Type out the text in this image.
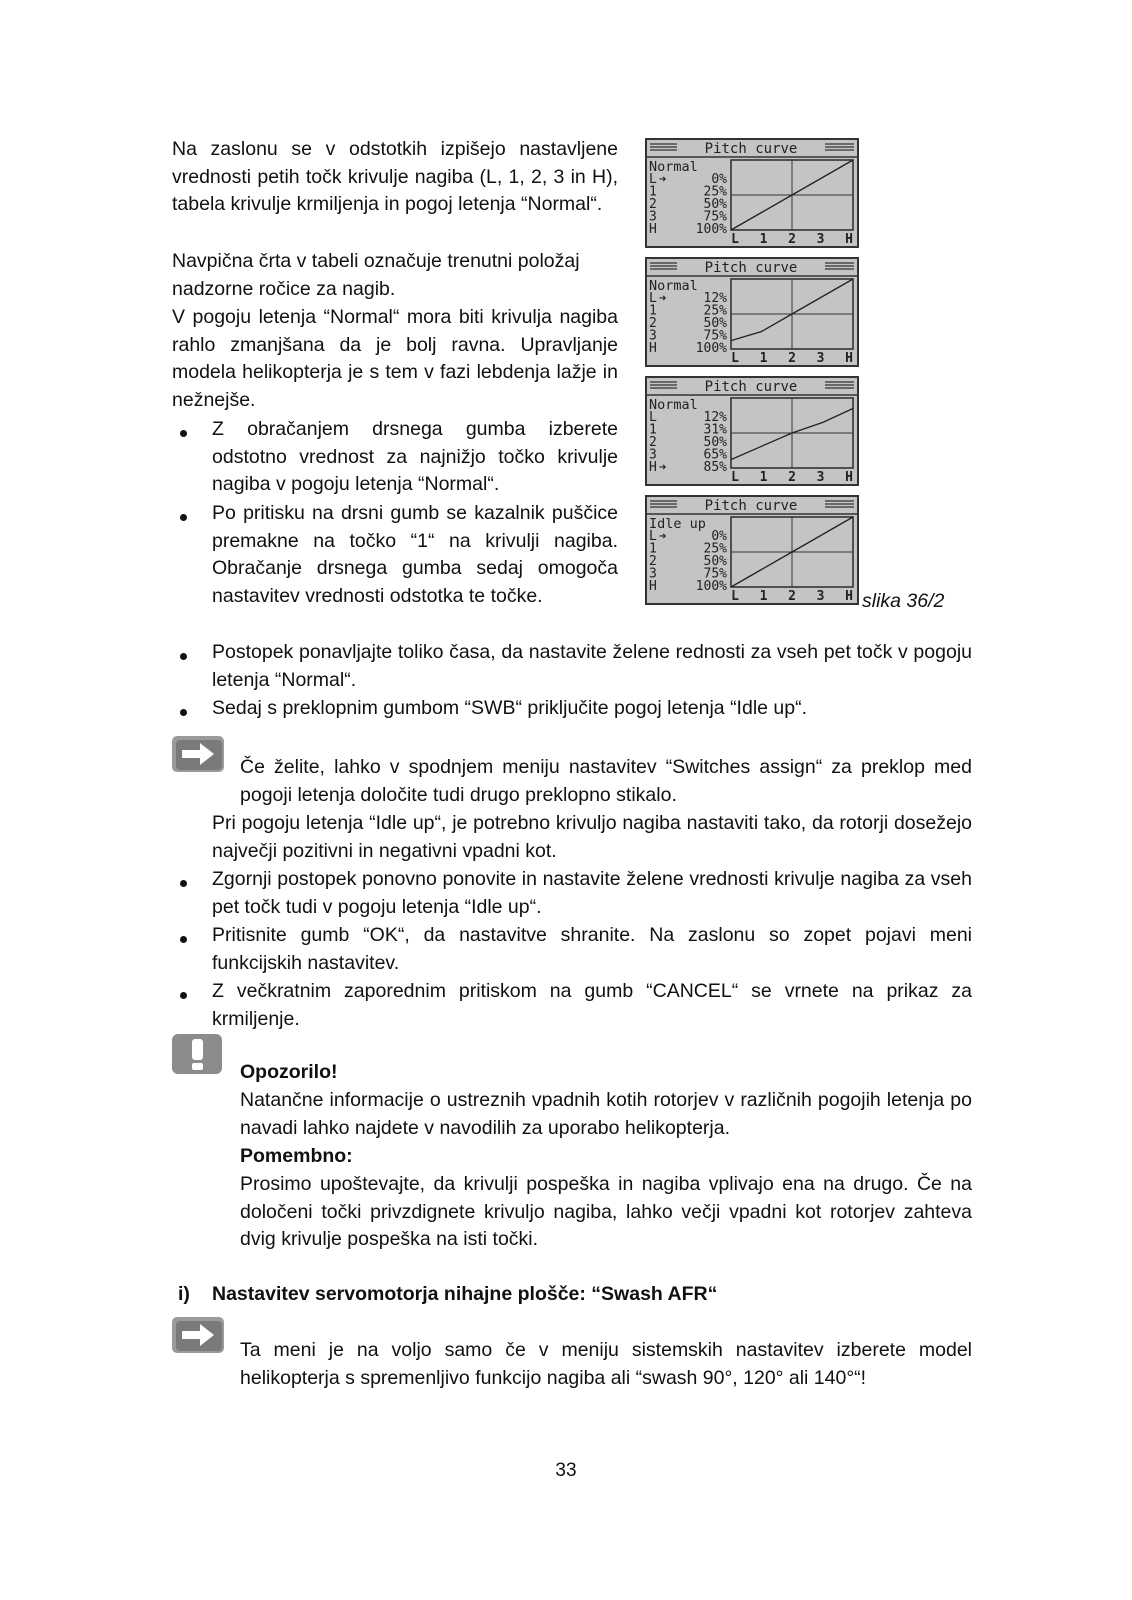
Na zaslonu se v odstotkih izpišejo nastavljene vrednosti petih točk krivulje nagiba (L, 1, 2, 3 in H), tabela krivulje krmiljenja in pogoj letenja “Normal“.

Navpična črta v tabeli označuje trenutni položaj nadzorne ročice za nagib.

V pogoju letenja “Normal“ mora biti krivulja nagiba rahlo zmanjšana da je bolj ravna. Upravljanje modela helikopterja je s tem v fazi lebdenja lažje in nežnejše.

Z obračanjem drsnega gumba izberete odstotno vrednost za najnižjo točko krivulje nagiba v pogoju letenja “Normal“.

Po pritisku na drsni gumb se kazalnik puščice premakne na točko “1“ na krivulji nagiba. Obračanje drsnega gumba sedaj omogoča nastavitev vrednosti odstotka te točke.

Postopek ponavljajte toliko časa, da nastavite želene rednosti za vseh pet točk v pogoju letenja “Normal“.

Sedaj s preklopnim gumbom “SWB“ priključite pogoj letenja “Idle up“.

Pitch curve
Normal
L ➜	0%
1	25%
2	50%
3	75%
H	100%
L 1 2 3 H
Pitch curve
Normal
L ➜	12%
1	25%
2	50%
3	75%
H	100%
L 1 2 3 H
Pitch curve
Normal
L	12%
1	31%
2	50%
3	65%
H ➜	85%
L 1 2 3 H
Pitch curve
Idle up
L ➜	0%
1	25%
2	50%
3	75%
H	100%
L 1 2 3 H slika 36/2

Če želite, lahko v spodnjem meniju nastavitev “Switches assign“ za preklop med pogoji letenja določite tudi drugo preklopno stikalo.

Pri pogoju letenja “Idle up“, je potrebno krivuljo nagiba nastaviti tako, da rotorji dosežejo največji pozitivni in negativni vpadni kot.

Zgornji postopek ponovno ponovite in nastavite želene vrednosti krivulje nagiba za vseh pet točk tudi v pogoju letenja “Idle up“.

Pritisnite gumb “OK“, da nastavitve shranite. Na zaslonu so zopet pojavi meni funkcijskih nastavitev.

Z večkratnim zaporednim pritiskom na gumb “CANCEL“ se vrnete na prikaz za krmiljenje.

Opozorilo!

Natančne informacije o ustreznih vpadnih kotih rotorjev v različnih pogojih letenja po navadi lahko najdete v navodilih za uporabo helikopterja.

Pomembno:

Prosimo upoštevajte, da krivulji pospeška in nagiba vplivajo ena na drugo. Če na določeni točki privzdignete krivuljo nagiba, lahko večji vpadni kot rotorjev zahteva dvig krivulje pospeška na isti točki.

i) Nastavitev servomotorja nihajne plošče: “Swash AFR“

Ta meni je na voljo samo če v meniju sistemskih nastavitev izberete model helikopterja s spremenljivo funkcijo nagiba ali “swash 90°, 120° ali 140°“!

33
